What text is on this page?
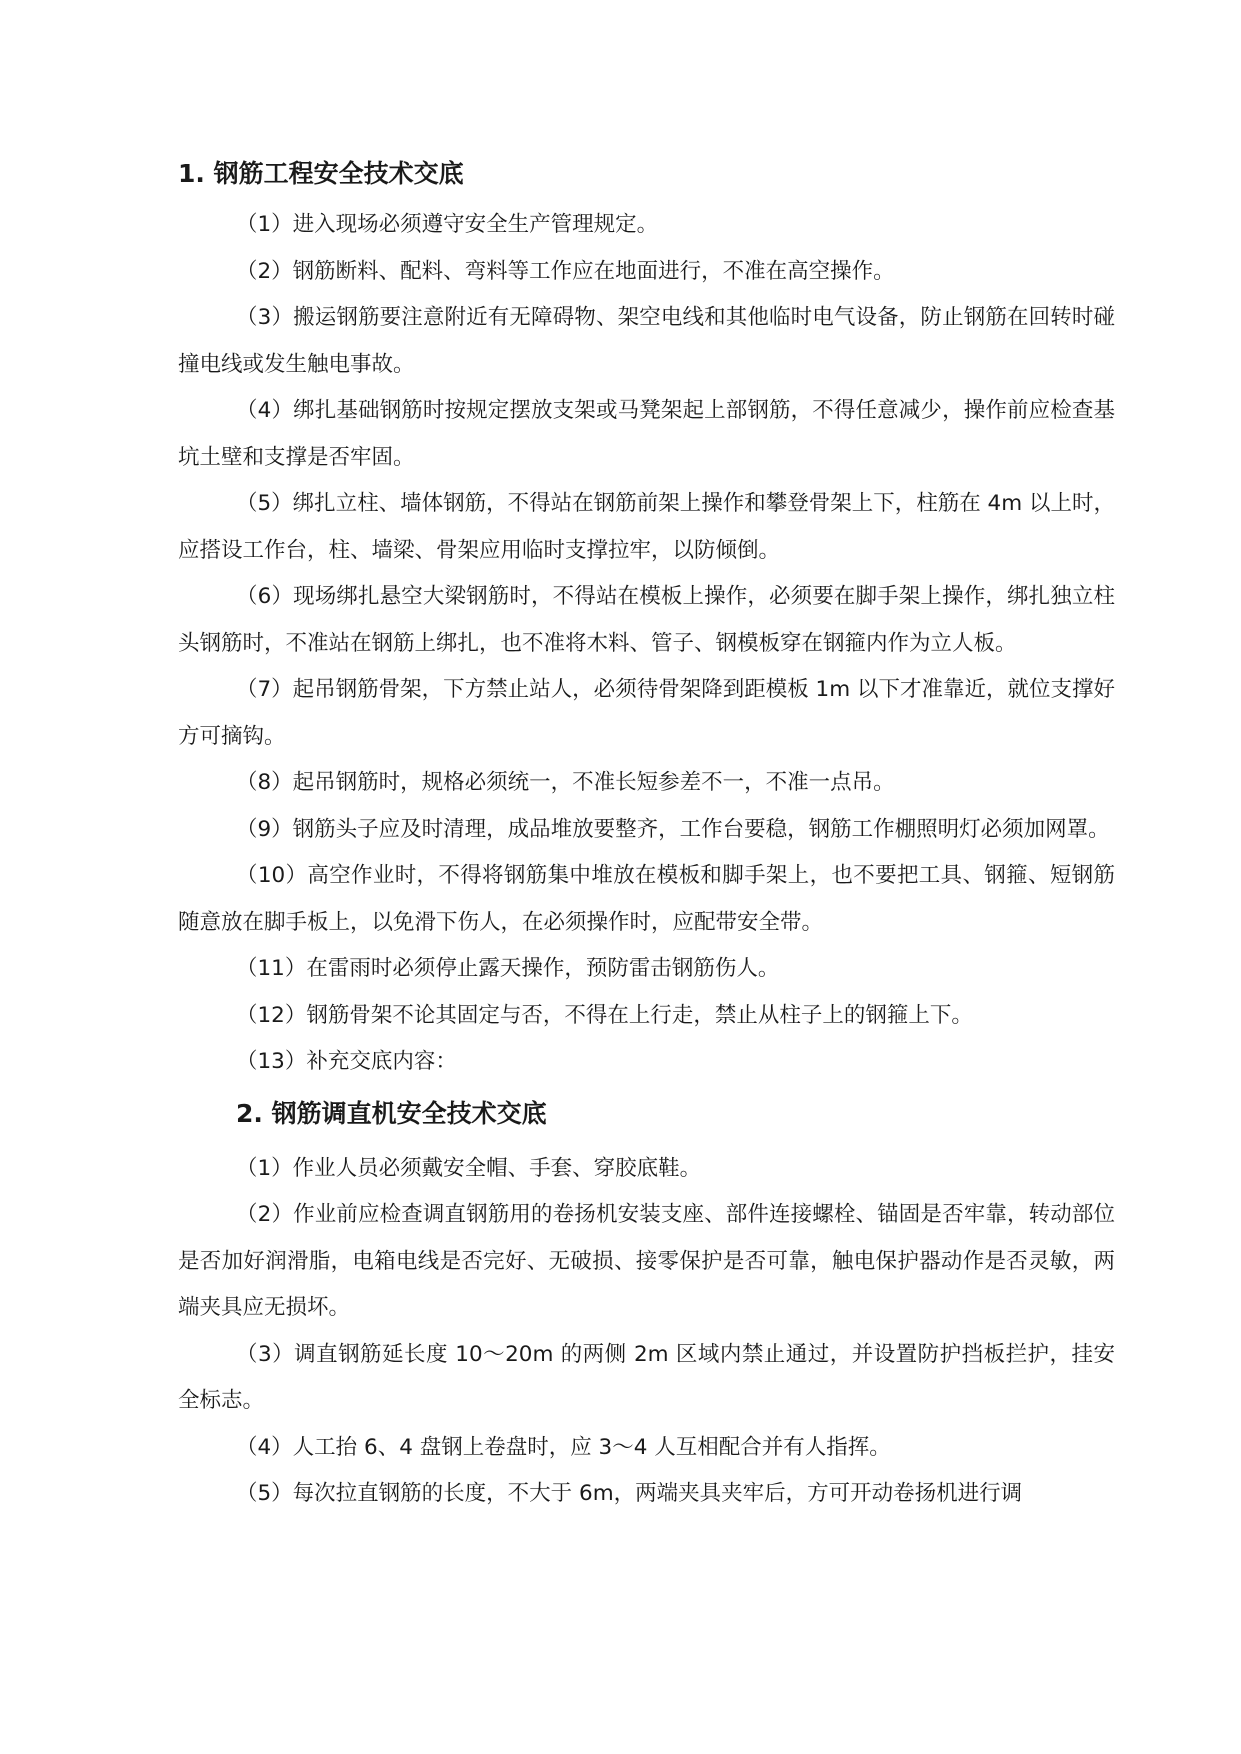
1. 钢筋工程安全技术交底

（1）进入现场必须遵守安全生产管理规定。

（2）钢筋断料、配料、弯料等工作应在地面进行，不准在高空操作。

（3）搬运钢筋要注意附近有无障碍物、架空电线和其他临时电气设备，防止钢筋在回转时碰撞电线或发生触电事故。

（4）绑扎基础钢筋时按规定摆放支架或马凳架起上部钢筋，不得任意减少，操作前应检查基坑土壁和支撑是否牢固。

（5）绑扎立柱、墙体钢筋，不得站在钢筋前架上操作和攀登骨架上下，柱筋在 4m 以上时，应搭设工作台，柱、墙梁、骨架应用临时支撑拉牢，以防倾倒。

（6）现场绑扎悬空大梁钢筋时，不得站在模板上操作，必须要在脚手架上操作，绑扎独立柱头钢筋时，不准站在钢筋上绑扎，也不准将木料、管子、钢模板穿在钢箍内作为立人板。

（7）起吊钢筋骨架，下方禁止站人，必须待骨架降到距模板 1m 以下才准靠近，就位支撑好方可摘钩。

（8）起吊钢筋时，规格必须统一，不准长短参差不一，不准一点吊。

（9）钢筋头子应及时清理，成品堆放要整齐，工作台要稳，钢筋工作棚照明灯必须加网罩。

（10）高空作业时，不得将钢筋集中堆放在模板和脚手架上，也不要把工具、钢箍、短钢筋随意放在脚手板上，以免滑下伤人，在必须操作时，应配带安全带。

（11）在雷雨时必须停止露天操作，预防雷击钢筋伤人。

（12）钢筋骨架不论其固定与否，不得在上行走，禁止从柱子上的钢箍上下。

（13）补充交底内容：

2. 钢筋调直机安全技术交底

（1）作业人员必须戴安全帽、手套、穿胶底鞋。

（2）作业前应检查调直钢筋用的卷扬机安装支座、部件连接螺栓、锚固是否牢靠，转动部位是否加好润滑脂，电箱电线是否完好、无破损、接零保护是否可靠，触电保护器动作是否灵敏，两端夹具应无损坏。

（3）调直钢筋延长度 10～20m 的两侧 2m 区域内禁止通过，并设置防护挡板拦护，挂安全标志。

（4）人工抬 6、4 盘钢上卷盘时，应 3～4 人互相配合并有人指挥。

（5）每次拉直钢筋的长度，不大于 6m，两端夹具夹牢后，方可开动卷扬机进行调
